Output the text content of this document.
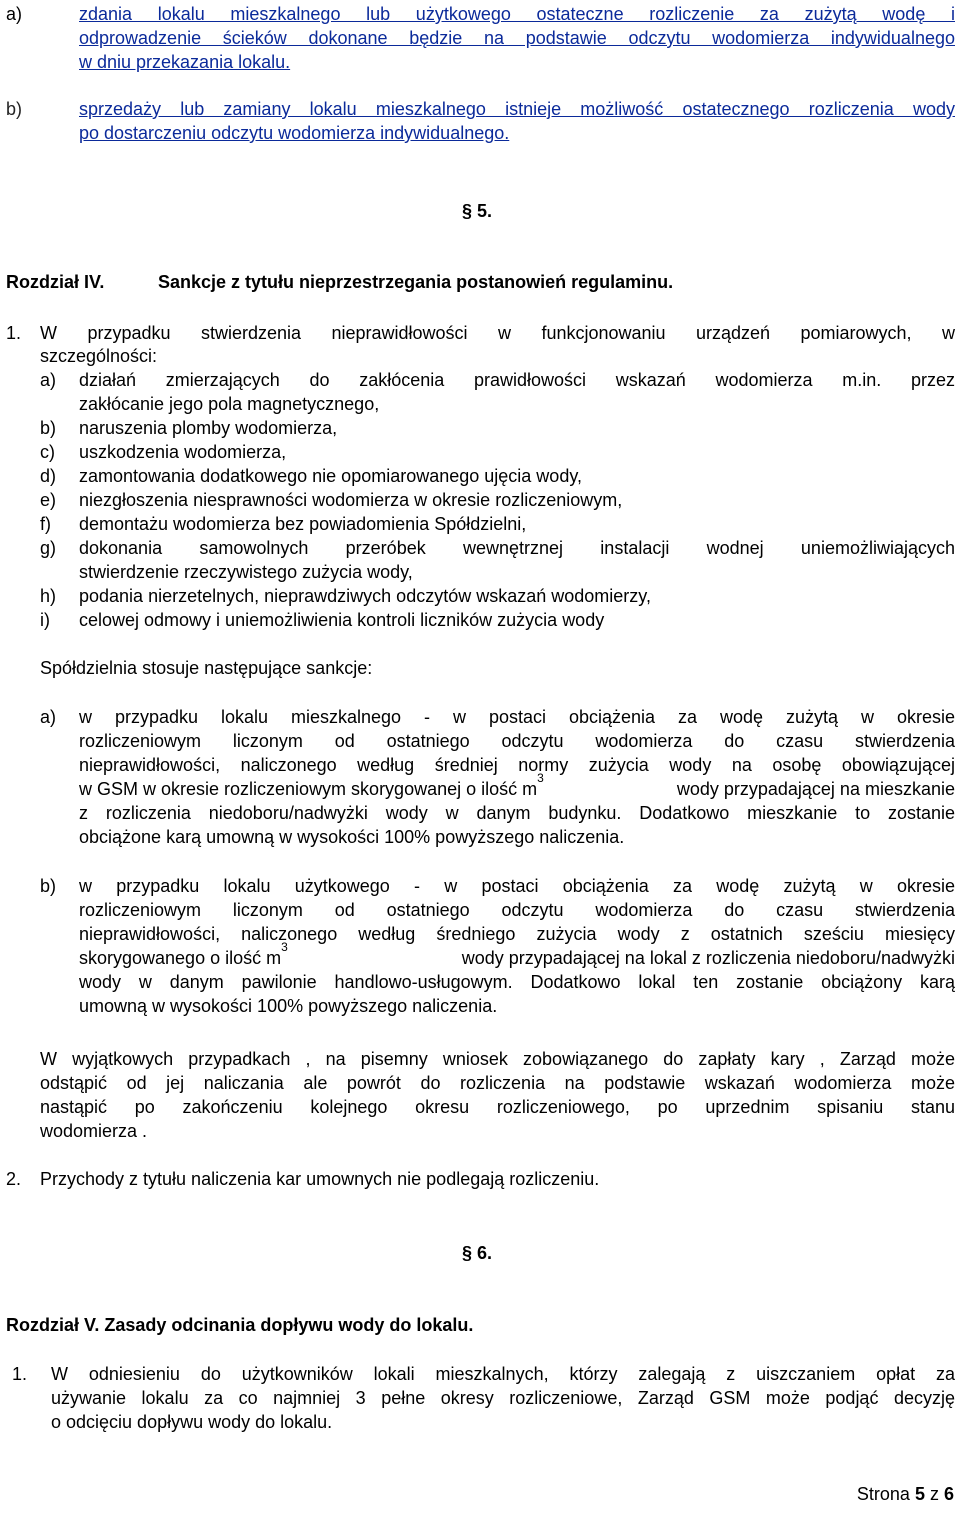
a)	zdania lokalu mieszkalnego lub użytkowego ostateczne rozliczenie za zużytą wodę i
odprowadzenie ścieków dokonane będzie na podstawie odczytu wodomierza indywidualnego
w dniu przekazania lokalu.
b)	sprzedaży lub zamiany lokalu mieszkalnego istnieje możliwość ostatecznego rozliczenia wody
po dostarczeniu odczytu wodomierza indywidualnego.
§ 5.
Rozdział IV.	Sankcje z tytułu nieprzestrzegania postanowień regulaminu.
1. W przypadku stwierdzenia nieprawidłowości w funkcjonowaniu urządzeń pomiarowych, w
szczególności:
a) działań zmierzających do zakłócenia prawidłowości wskazań wodomierza m.in. przez
zakłócanie jego pola magnetycznego,
b) naruszenia plomby wodomierza,
c) uszkodzenia wodomierza,
d) zamontowania dodatkowego nie opomiarowanego ujęcia wody,
e) niezgłoszenia niesprawności wodomierza w okresie rozliczeniowym,
f) demontażu wodomierza bez powiadomienia Spółdzielni,
g) dokonania samowolnych przeróbek wewnętrznej instalacji wodnej uniemożliwiających
stwierdzenie rzeczywistego zużycia wody,
h) podania nierzetelnych, nieprawdziwych odczytów wskazań wodomierzy,
i) celowej odmowy i uniemożliwienia kontroli liczników zużycia wody
Spółdzielnia stosuje następujące sankcje:
a) w przypadku lokalu mieszkalnego - w postaci obciążenia za wodę zużytą w okresie
rozliczeniowym liczonym od ostatniego odczytu wodomierza do czasu stwierdzenia
nieprawidłowości, naliczonego według średniej normy zużycia wody na osobę obowiązującej
w GSM w okresie rozliczeniowym skorygowanej o ilość m
3
wody przypadającej na mieszkanie
z rozliczenia niedoboru/nadwyżki wody w danym budynku. Dodatkowo mieszkanie to zostanie
obciążone karą umowną w wysokości 100% powyższego naliczenia.
b) w przypadku lokalu użytkowego - w postaci obciążenia za wodę zużytą w okresie
rozliczeniowym liczonym od ostatniego odczytu wodomierza do czasu stwierdzenia
nieprawidłowości, naliczonego według średniego zużycia wody z ostatnich sześciu miesięcy
skorygowanego o ilość m
3
wody przypadającej na lokal z rozliczenia niedoboru/nadwyżki
wody w danym pawilonie handlowo-usługowym. Dodatkowo lokal ten zostanie obciążony karą
umowną w wysokości 100% powyższego naliczenia.
W wyjątkowych przypadkach , na pisemny wniosek zobowiązanego do zapłaty kary , Zarząd może
odstąpić od jej naliczania ale powrót do rozliczenia na podstawie wskazań wodomierza może
nastąpić po zakończeniu kolejnego okresu rozliczeniowego, po uprzednim spisaniu stanu
wodomierza .
2. Przychody z tytułu naliczenia kar umownych nie podlegają rozliczeniu.
§ 6.
Rozdział V. Zasady odcinania dopływu wody do lokalu.
1. W odniesieniu do użytkowników lokali mieszkalnych, którzy zalegają z uiszczaniem opłat za
używanie lokalu za co najmniej 3 pełne okresy rozliczeniowe, Zarząd GSM może podjąć decyzję
o odcięciu dopływu wody do lokalu.
Strona 5 z 6
